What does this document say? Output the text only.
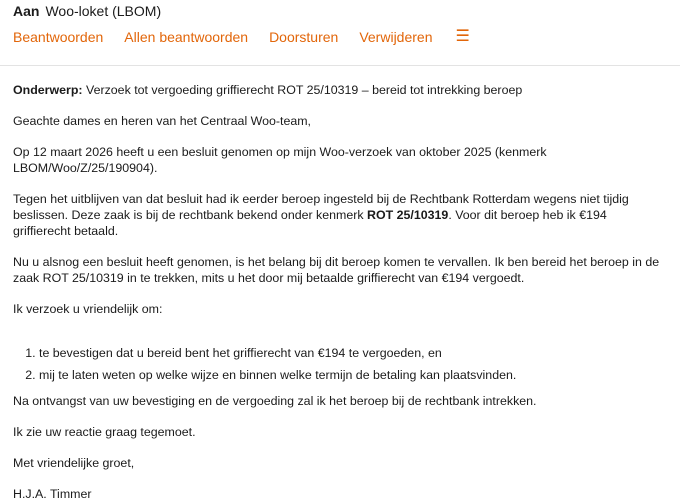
Aan Woo-loket (LBOM)
Beantwoorden Allen beantwoorden Doorsturen Verwijderen ☰

Onderwerp: Verzoek tot vergoeding griffierecht ROT 25/10319 – bereid tot intrekking beroep

Geachte dames en heren van het Centraal Woo-team,

Op 12 maart 2026 heeft u een besluit genomen op mijn Woo-verzoek van oktober 2025 (kenmerk LBOM/Woo/Z/25/190904).

Tegen het uitblijven van dat besluit had ik eerder beroep ingesteld bij de Rechtbank Rotterdam wegens niet tijdig beslissen. Deze zaak is bij de rechtbank bekend onder kenmerk ROT 25/10319. Voor dit beroep heb ik €194 griffierecht betaald.

Nu u alsnog een besluit heeft genomen, is het belang bij dit beroep komen te vervallen. Ik ben bereid het beroep in de zaak ROT 25/10319 in te trekken, mits u het door mij betaalde griffierecht van €194 vergoedt.

Ik verzoek u vriendelijk om:

1. te bevestigen dat u bereid bent het griffierecht van €194 te vergoeden, en
2. mij te laten weten op welke wijze en binnen welke termijn de betaling kan plaatsvinden.

Na ontvangst van uw bevestiging en de vergoeding zal ik het beroep bij de rechtbank intrekken.

Ik zie uw reactie graag tegemoet.

Met vriendelijke groet,

H.J.A. Timmer
